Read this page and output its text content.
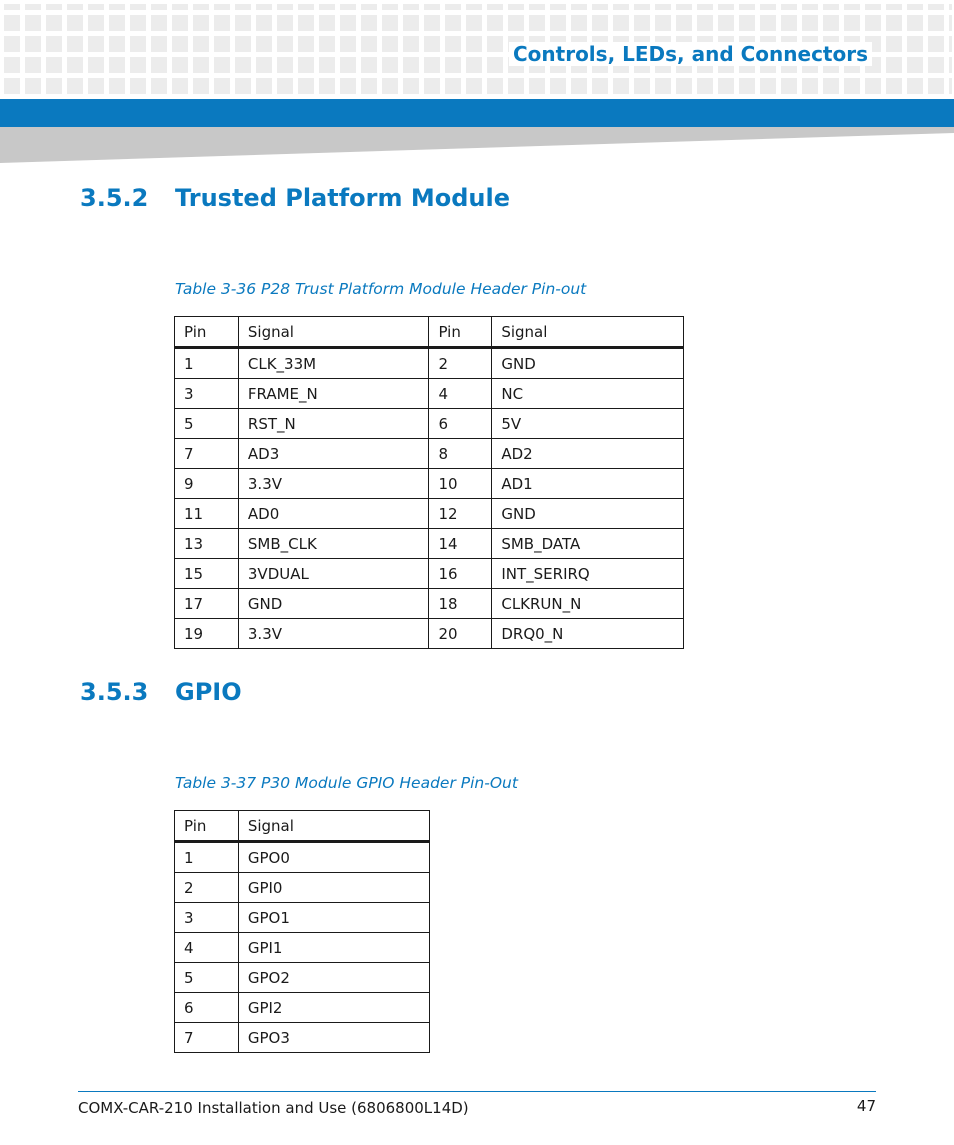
Controls, LEDs, and Connectors
3.5.2 Trusted Platform Module
Table 3-36 P28 Trust Platform Module Header Pin-out
Pin	Signal	Pin	Signal
1	CLK_33M	2	GND
3	FRAME_N	4	NC
5	RST_N	6	5V
7	AD3	8	AD2
9	3.3V	10	AD1
11	AD0	12	GND
13	SMB_CLK	14	SMB_DATA
15	3VDUAL	16	INT_SERIRQ
17	GND	18	CLKRUN_N
19	3.3V	20	DRQ0_N
3.5.3 GPIO
Table 3-37 P30 Module GPIO Header Pin-Out
Pin	Signal
1	GPO0
2	GPI0
3	GPO1
4	GPI1
5	GPO2
6	GPI2
7	GPO3
COMX-CAR-210 Installation and Use (6806800L14D)	47
